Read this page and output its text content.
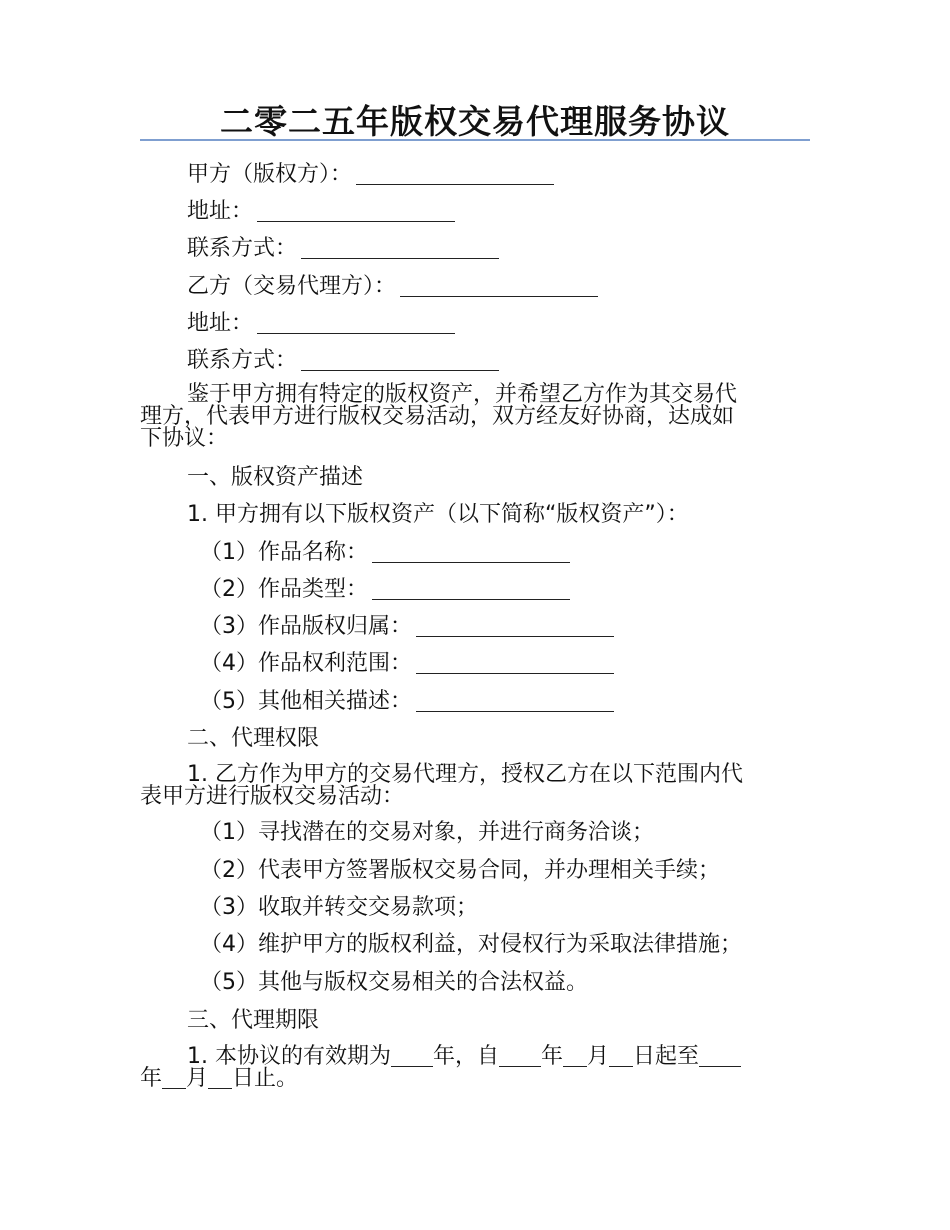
二零二五年版权交易代理服务协议
甲方（版权方）：
地址：
联系方式：
乙方（交易代理方）：
地址：
联系方式：
鉴于甲方拥有特定的版权资产，并希望乙方作为其交易代
理方，代表甲方进行版权交易活动，双方经友好协商，达成如
下协议：
一、版权资产描述
1. 甲方拥有以下版权资产（以下简称“版权资产”）：
（1）作品名称：
（2）作品类型：
（3）作品版权归属：
（4）作品权利范围：
（5）其他相关描述：
二、代理权限
1. 乙方作为甲方的交易代理方，授权乙方在以下范围内代
表甲方进行版权交易活动：
（1）寻找潜在的交易对象，并进行商务洽谈；
（2）代表甲方签署版权交易合同，并办理相关手续；
（3）收取并转交交易款项；
（4）维护甲方的版权利益，对侵权行为采取法律措施；
（5）其他与版权交易相关的合法权益。
三、代理期限
1. 本协议的有效期为 年，自 年 月 日起至
年 月 日止。
